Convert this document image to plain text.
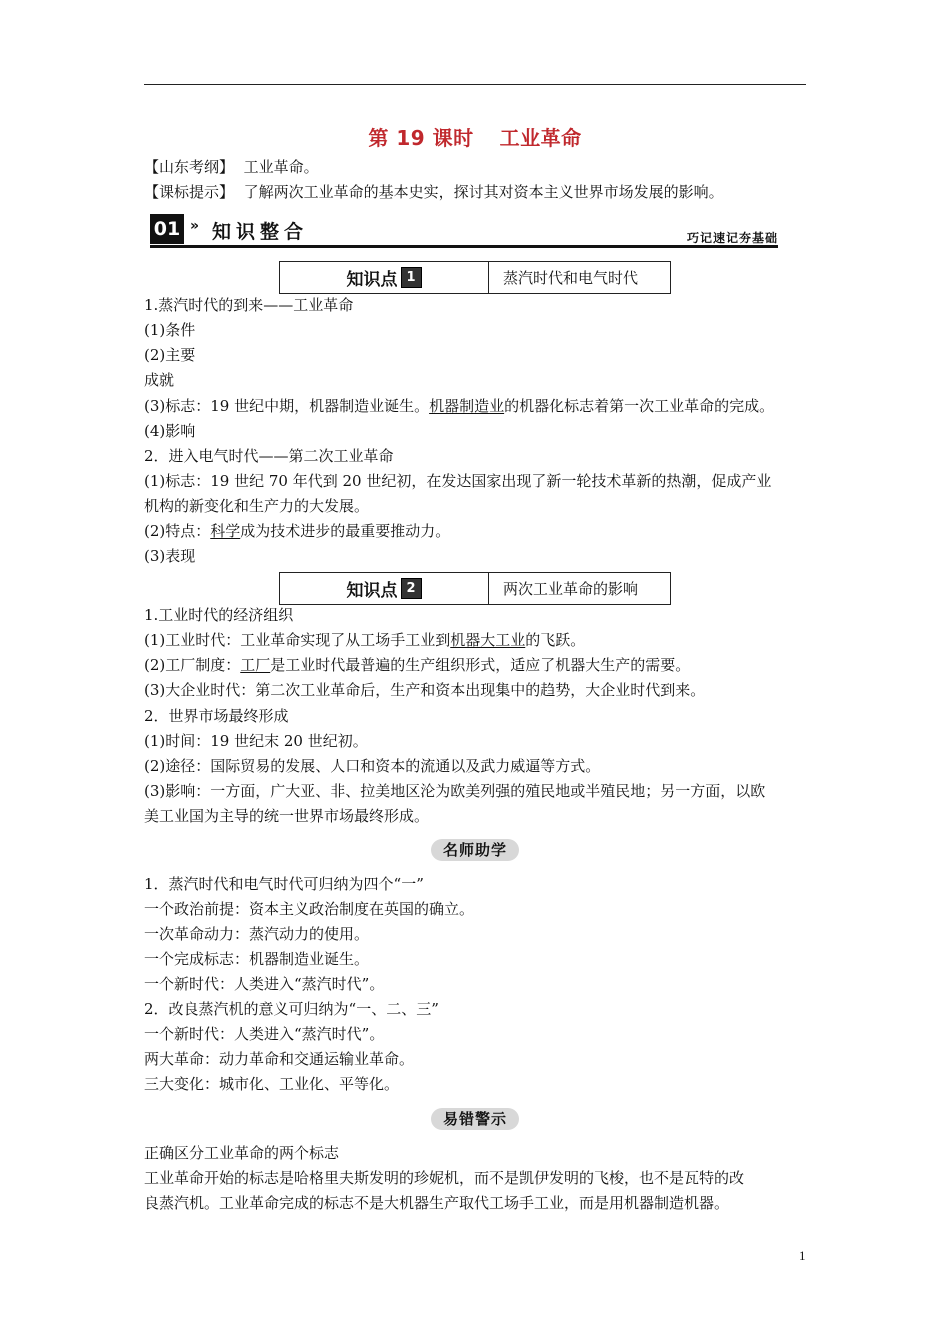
第 19 课时 工业革命
【山东考纲】 工业革命。
【课标提示】 了解两次工业革命的基本史实，探讨其对资本主义世界市场发展的影响。
01 » 知识整合	巧记速记夯基础
知识点 1	蒸汽时代和电气时代
1.蒸汽时代的到来——工业革命
(1)条件
(2)主要
成就
(3)标志：19 世纪中期，机器制造业诞生。机器制造业的机器化标志着第一次工业革命的完成。
(4)影响
2．进入电气时代——第二次工业革命
(1)标志：19 世纪 70 年代到 20 世纪初，在发达国家出现了新一轮技术革新的热潮，促成产业
机构的新变化和生产力的大发展。
(2)特点：科学成为技术进步的最重要推动力。
(3)表现
知识点 2	两次工业革命的影响
1.工业时代的经济组织
(1)工业时代：工业革命实现了从工场手工业到机器大工业的飞跃。
(2)工厂制度：工厂是工业时代最普遍的生产组织形式，适应了机器大生产的需要。
(3)大企业时代：第二次工业革命后，生产和资本出现集中的趋势，大企业时代到来。
2．世界市场最终形成
(1)时间：19 世纪末 20 世纪初。
(2)途径：国际贸易的发展、人口和资本的流通以及武力威逼等方式。
(3)影响：一方面，广大亚、非、拉美地区沦为欧美列强的殖民地或半殖民地；另一方面，以欧
美工业国为主导的统一世界市场最终形成。
名师助学
1．蒸汽时代和电气时代可归纳为四个“一”
一个政治前提：资本主义政治制度在英国的确立。
一次革命动力：蒸汽动力的使用。
一个完成标志：机器制造业诞生。
一个新时代：人类进入“蒸汽时代”。
2．改良蒸汽机的意义可归纳为“一、二、三”
一个新时代：人类进入“蒸汽时代”。
两大革命：动力革命和交通运输业革命。
三大变化：城市化、工业化、平等化。
易错警示
正确区分工业革命的两个标志
工业革命开始的标志是哈格里夫斯发明的珍妮机，而不是凯伊发明的飞梭，也不是瓦特的改
良蒸汽机。工业革命完成的标志不是大机器生产取代工场手工业，而是用机器制造机器。
1
